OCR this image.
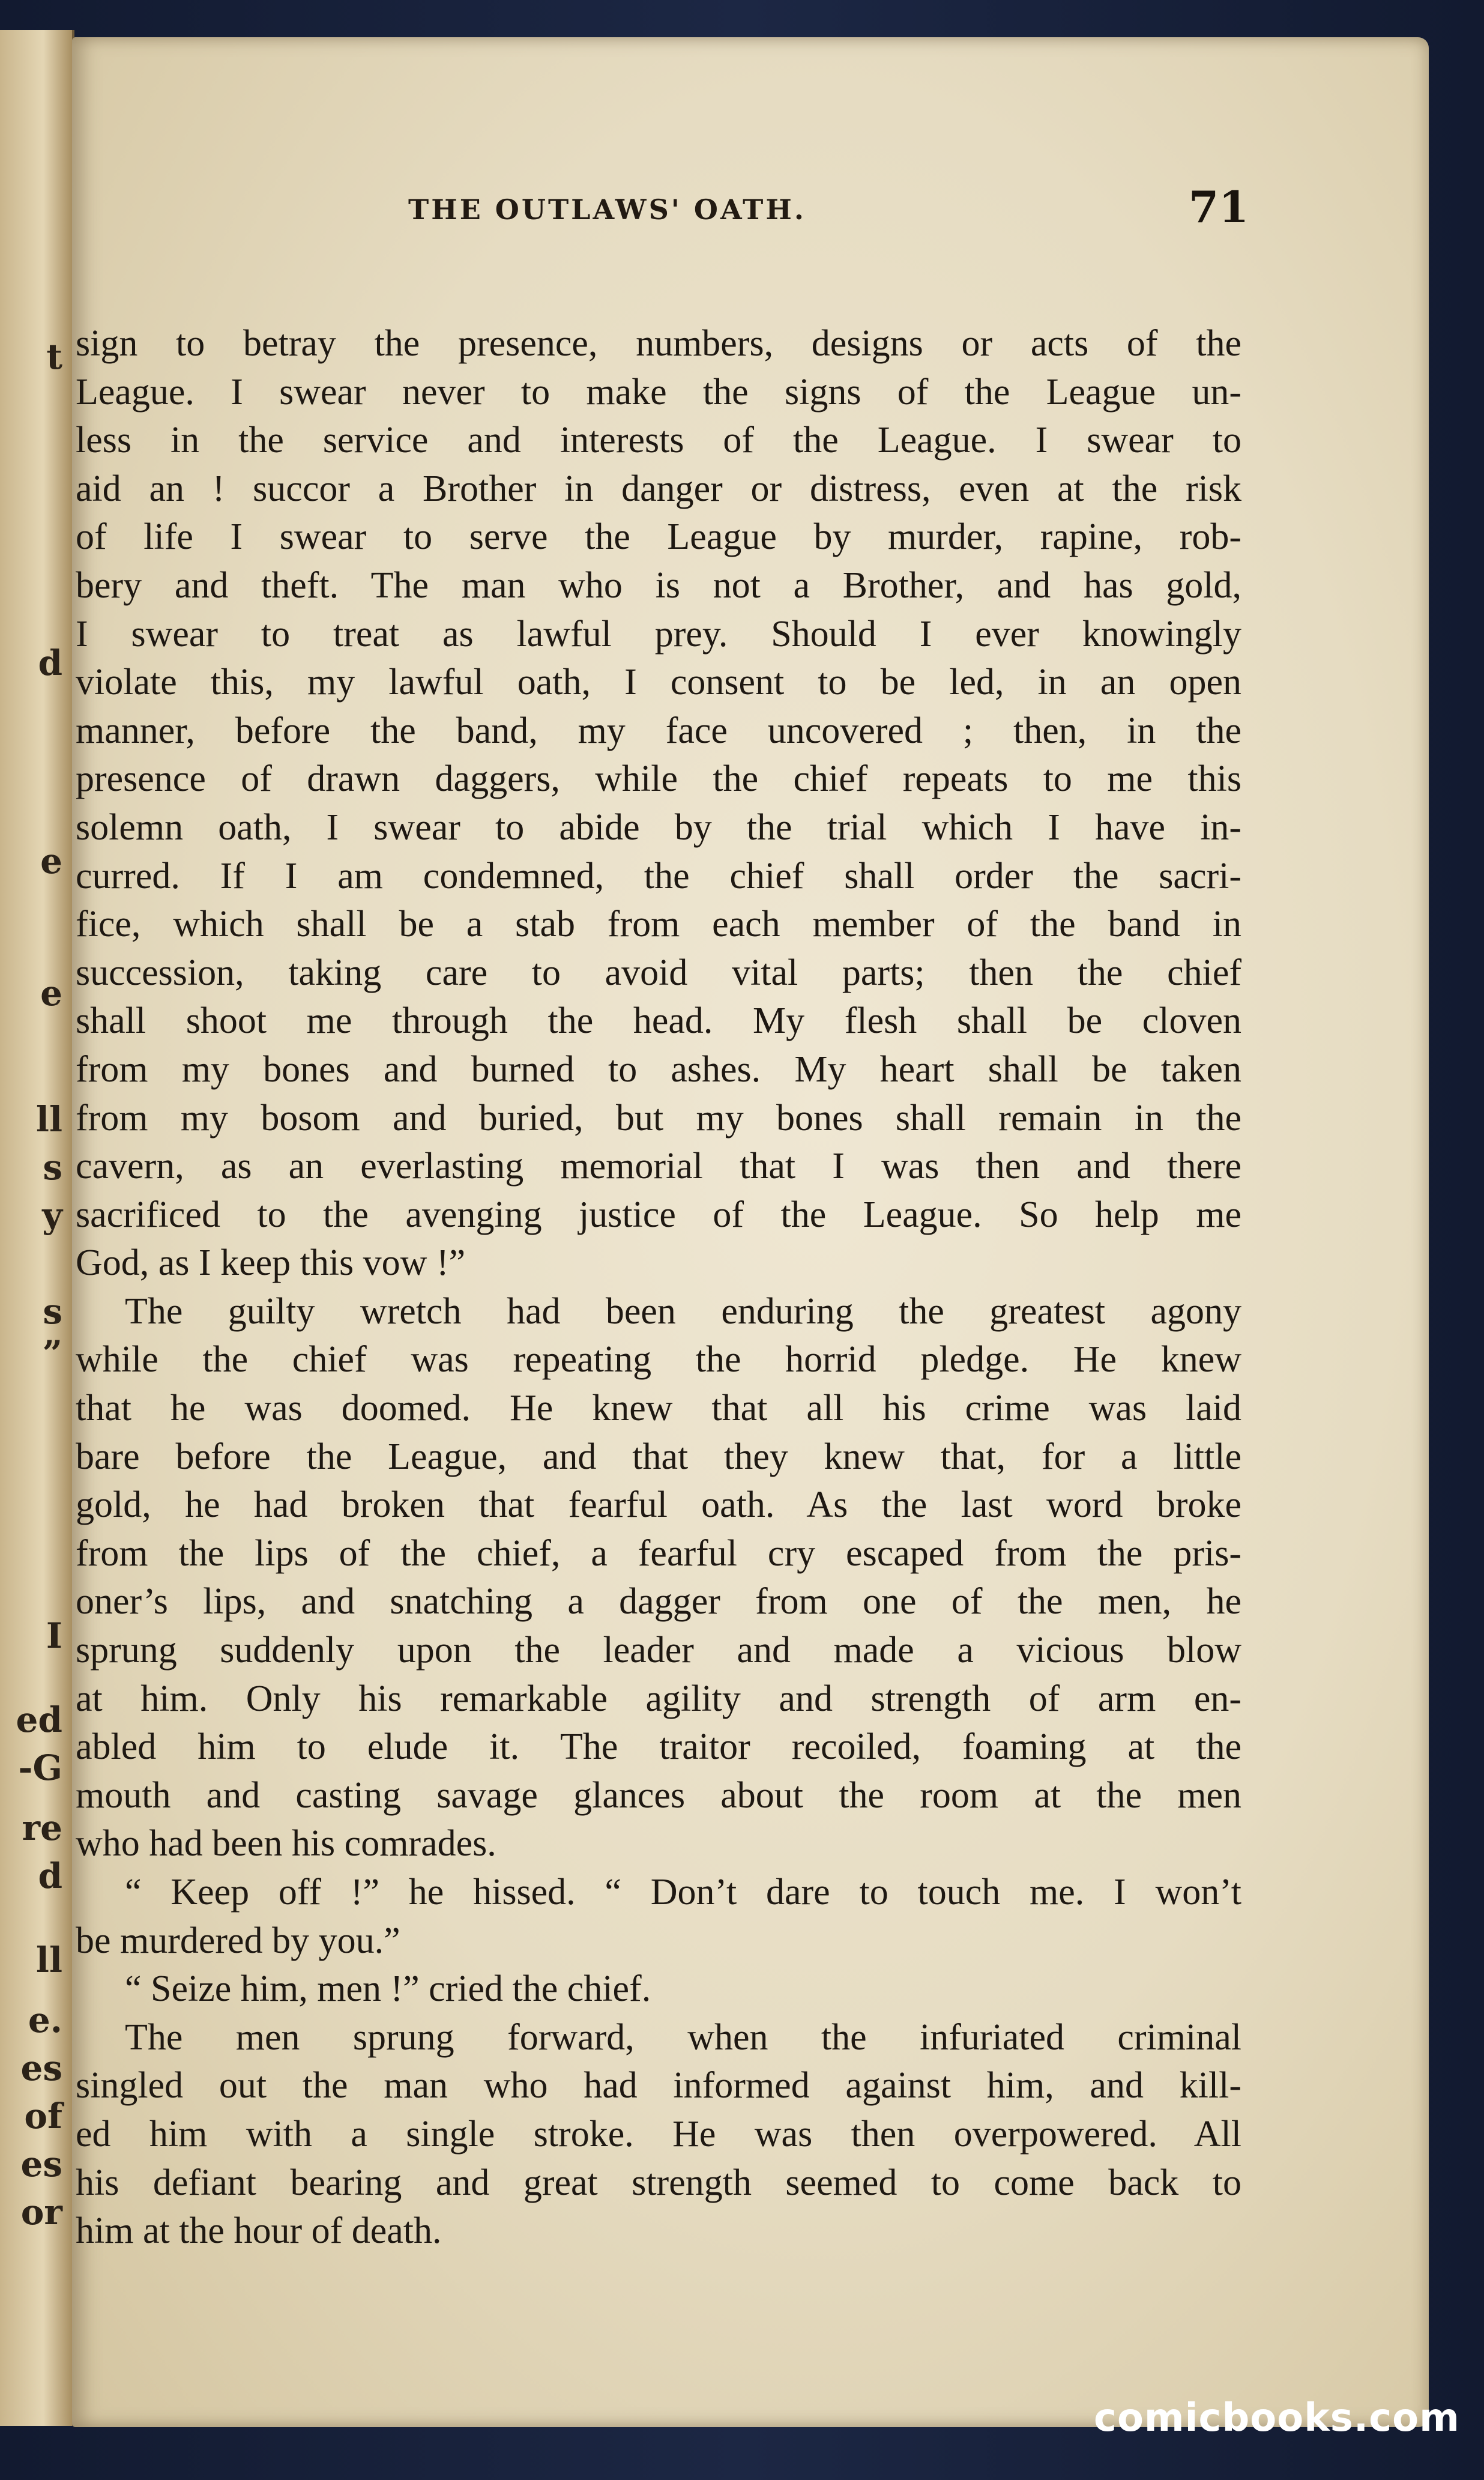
t
d
e
e
ll
s
y
s
”
I
ed
-G
re
d
ll
e.
es
of
es
or
THE OUTLAWS' OATH.	71
sign to betray the presence, numbers, designs or acts of the
League. I swear never to make the signs of the League un-
less in the service and interests of the League. I swear to
aid an ! succor a Brother in danger or distress, even at the risk
of life I swear to serve the League by murder, rapine, rob-
bery and theft. The man who is not a Brother, and has gold,
I swear to treat as lawful prey. Should I ever knowingly
violate this, my lawful oath, I consent to be led, in an open
manner, before the band, my face uncovered ; then, in the
presence of drawn daggers, while the chief repeats to me this
solemn oath, I swear to abide by the trial which I have in-
curred. If I am condemned, the chief shall order the sacri-
fice, which shall be a stab from each member of the band in
succession, taking care to avoid vital parts; then the chief
shall shoot me through the head. My flesh shall be cloven
from my bones and burned to ashes. My heart shall be taken
from my bosom and buried, but my bones shall remain in the
cavern, as an everlasting memorial that I was then and there
sacrificed to the avenging justice of the League. So help me
God, as I keep this vow !”
The guilty wretch had been enduring the greatest agony
while the chief was repeating the horrid pledge. He knew
that he was doomed. He knew that all his crime was laid
bare before the League, and that they knew that, for a little
gold, he had broken that fearful oath. As the last word broke
from the lips of the chief, a fearful cry escaped from the pris-
oner’s lips, and snatching a dagger from one of the men, he
sprung suddenly upon the leader and made a vicious blow
at him. Only his remarkable agility and strength of arm en-
abled him to elude it. The traitor recoiled, foaming at the
mouth and casting savage glances about the room at the men
who had been his comrades.
“ Keep off !” he hissed. “ Don’t dare to touch me. I won’t
be murdered by you.”
“ Seize him, men !” cried the chief.
The men sprung forward, when the infuriated criminal
singled out the man who had informed against him, and kill-
ed him with a single stroke. He was then overpowered. All
his defiant bearing and great strength seemed to come back to
him at the hour of death.
comicbooks.com
